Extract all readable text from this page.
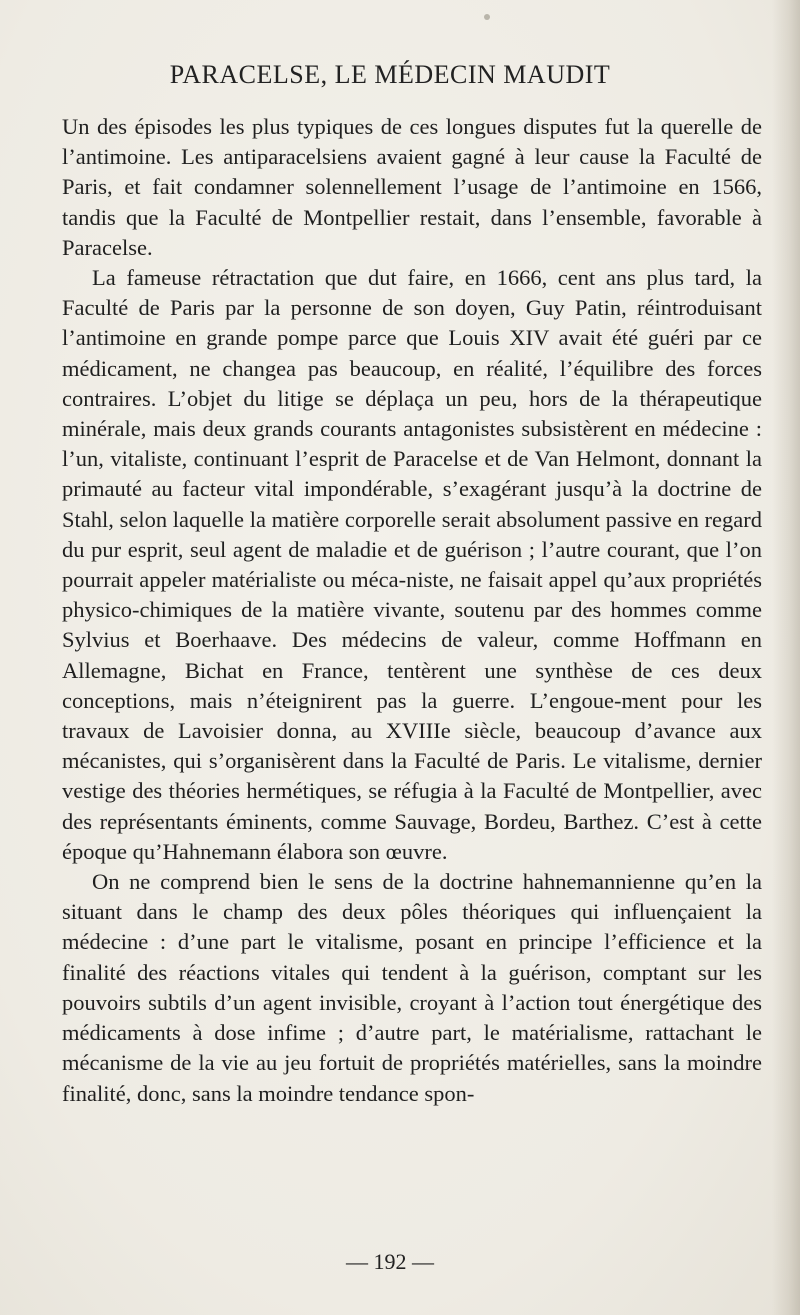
PARACELSE, LE MÉDECIN MAUDIT

Un des épisodes les plus typiques de ces longues disputes fut la querelle de l’antimoine. Les antiparacelsiens avaient gagné à leur cause la Faculté de Paris, et fait condamner solennellement l’usage de l’antimoine en 1566, tandis que la Faculté de Montpellier restait, dans l’ensemble, favorable à Paracelse.

La fameuse rétractation que dut faire, en 1666, cent ans plus tard, la Faculté de Paris par la personne de son doyen, Guy Patin, réintroduisant l’antimoine en grande pompe parce que Louis XIV avait été guéri par ce médicament, ne changea pas beaucoup, en réalité, l’équilibre des forces contraires. L’objet du litige se déplaça un peu, hors de la thérapeutique minérale, mais deux grands courants antagonistes subsistèrent en médecine : l’un, vitaliste, continuant l’esprit de Paracelse et de Van Helmont, donnant la primauté au facteur vital impondérable, s’exagérant jusqu’à la doctrine de Stahl, selon laquelle la matière corporelle serait absolument passive en regard du pur esprit, seul agent de maladie et de guérison ; l’autre courant, que l’on pourrait appeler matérialiste ou méca-niste, ne faisait appel qu’aux propriétés physico-chimiques de la matière vivante, soutenu par des hommes comme Sylvius et Boerhaave. Des médecins de valeur, comme Hoffmann en Allemagne, Bichat en France, tentèrent une synthèse de ces deux conceptions, mais n’éteignirent pas la guerre. L’engoue-ment pour les travaux de Lavoisier donna, au XVIIIe siècle, beaucoup d’avance aux mécanistes, qui s’organisèrent dans la Faculté de Paris. Le vitalisme, dernier vestige des théories hermétiques, se réfugia à la Faculté de Montpellier, avec des représentants éminents, comme Sauvage, Bordeu, Barthez. C’est à cette époque qu’Hahnemann élabora son œuvre.

On ne comprend bien le sens de la doctrine hahnemannienne qu’en la situant dans le champ des deux pôles théoriques qui influençaient la médecine : d’une part le vitalisme, posant en principe l’efficience et la finalité des réactions vitales qui tendent à la guérison, comptant sur les pouvoirs subtils d’un agent invisible, croyant à l’action tout énergétique des médicaments à dose infime ; d’autre part, le matérialisme, rattachant le mécanisme de la vie au jeu fortuit de propriétés matérielles, sans la moindre finalité, donc, sans la moindre tendance spon-

— 192 —
